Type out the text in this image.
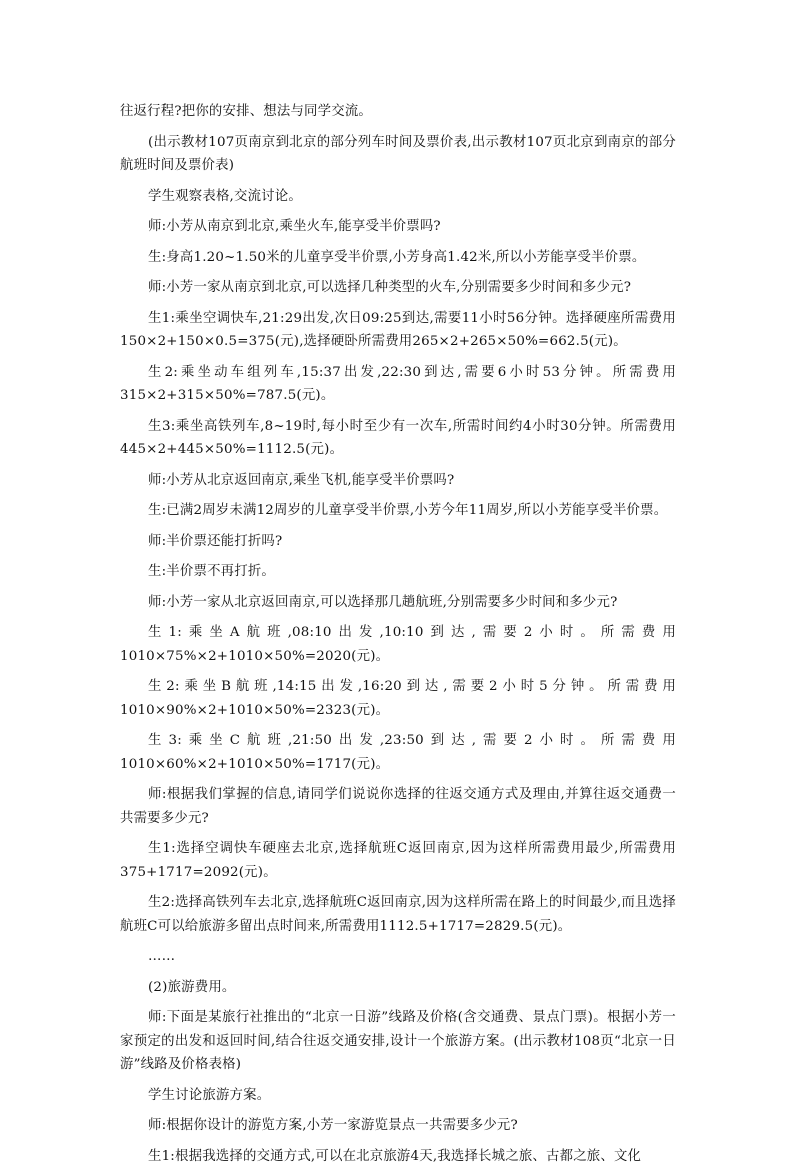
往返行程?把你的安排、想法与同学交流。

(出示教材107页南京到北京的部分列车时间及票价表,出示教材107页北京到南京的部分航班时间及票价表)

学生观察表格,交流讨论。

师:小芳从南京到北京,乘坐火车,能享受半价票吗?

生:身高1.20~1.50米的儿童享受半价票,小芳身高1.42米,所以小芳能享受半价票。

师:小芳一家从南京到北京,可以选择几种类型的火车,分别需要多少时间和多少元?

生1:乘坐空调快车,21:29出发,次日09:25到达,需要11小时56分钟。选择硬座所需费用150×2+150×0.5=375(元),选择硬卧所需费用265×2+265×50%=662.5(元)。

生2:乘坐动车组列车,15:37出发,22:30到达,需要6小时53分钟。所需费用315×2+315×50%=787.5(元)。

生3:乘坐高铁列车,8~19时,每小时至少有一次车,所需时间约4小时30分钟。所需费用445×2+445×50%=1112.5(元)。

师:小芳从北京返回南京,乘坐飞机,能享受半价票吗?

生:已满2周岁未满12周岁的儿童享受半价票,小芳今年11周岁,所以小芳能享受半价票。

师:半价票还能打折吗?

生:半价票不再打折。

师:小芳一家从北京返回南京,可以选择那几趟航班,分别需要多少时间和多少元?

生1:乘坐A航班,08:10出发,10:10到达,需要2小时。所需费用1010×75%×2+1010×50%=2020(元)。

生2:乘坐B航班,14:15出发,16:20到达,需要2小时5分钟。所需费用1010×90%×2+1010×50%=2323(元)。

生3:乘坐C航班,21:50出发,23:50到达,需要2小时。所需费用1010×60%×2+1010×50%=1717(元)。

师:根据我们掌握的信息,请同学们说说你选择的往返交通方式及理由,并算往返交通费一共需要多少元?

生1:选择空调快车硬座去北京,选择航班C返回南京,因为这样所需费用最少,所需费用375+1717=2092(元)。

生2:选择高铁列车去北京,选择航班C返回南京,因为这样所需在路上的时间最少,而且选择航班C可以给旅游多留出点时间来,所需费用1112.5+1717=2829.5(元)。

……

(2)旅游费用。

师:下面是某旅行社推出的“北京一日游”线路及价格(含交通费、景点门票)。根据小芳一家预定的出发和返回时间,结合往返交通安排,设计一个旅游方案。(出示教材108页“北京一日游”线路及价格表格)

学生讨论旅游方案。

师:根据你设计的游览方案,小芳一家游览景点一共需要多少元?

生1:根据我选择的交通方式,可以在北京旅游4天,我选择长城之旅、古都之旅、文化
